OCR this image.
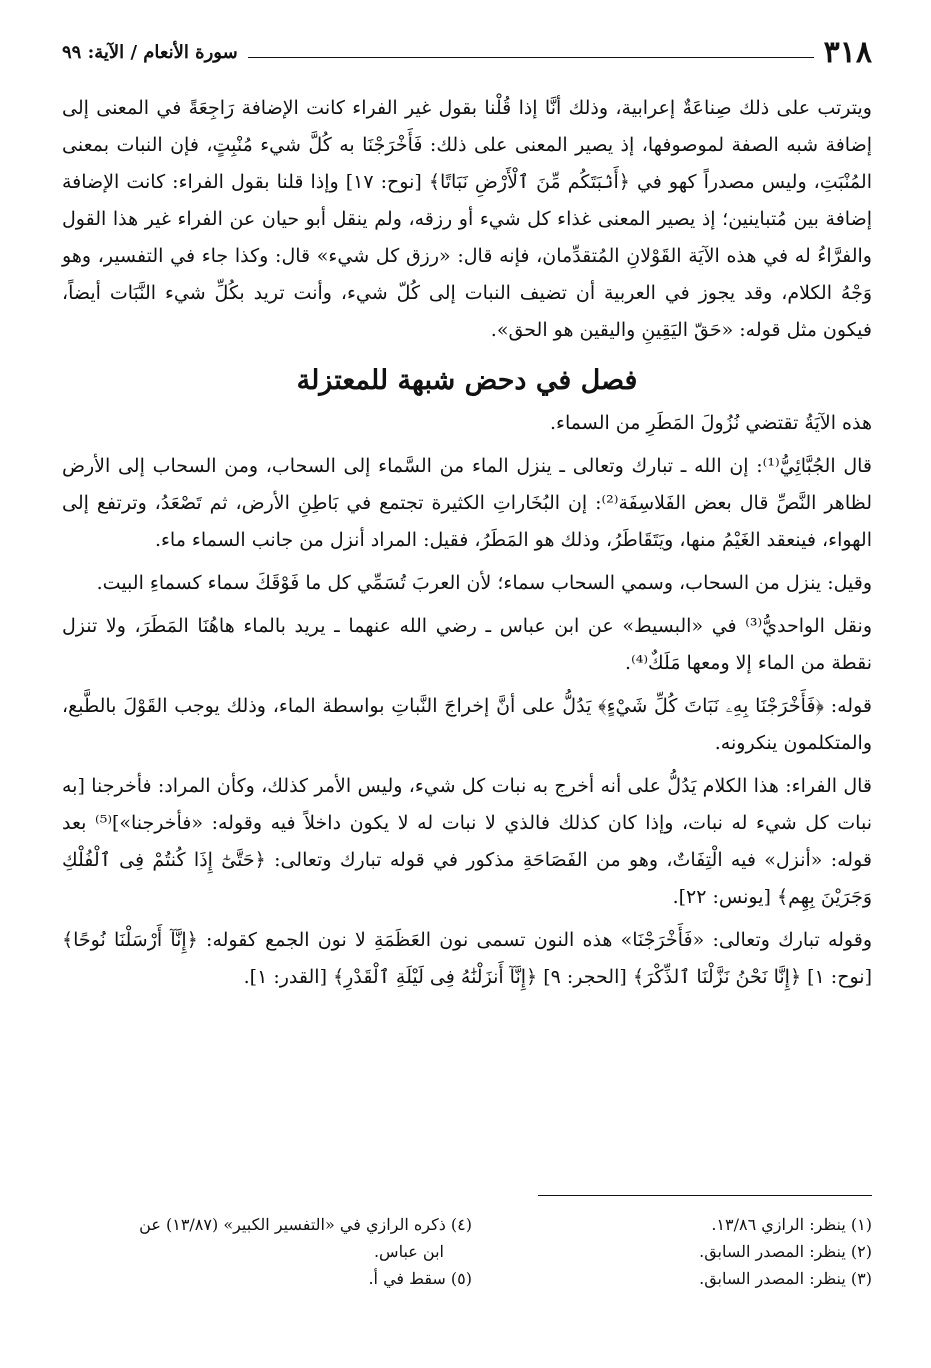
٣١٨
سورة الأنعام / الآية: ٩٩

ويترتب على ذلك صِناعَةٌ إعرابية، وذلك أنَّا إذا قُلْنا بقول غير الفراء كانت الإضافة رَاجِعَةً في المعنى إلى إضافة شبه الصفة لموصوفها، إذ يصير المعنى على ذلك: فَأَخْرَجْنَا به كُلَّ شيء مُنْبِتٍ، فإن النبات بمعنى المُنْبَتِ، وليس مصدراً كهو في ﴿أَنۢبَتَكُم مِّنَ ٱلْأَرْضِ نَبَاتًا﴾ [نوح: ١٧] وإذا قلنا بقول الفراء: كانت الإضافة إضافة بين مُتباينين؛ إذ يصير المعنى غذاء كل شيء أو رزقه، ولم ينقل أبو حيان عن الفراء غير هذا القول والفرَّاءُ له في هذه الآيَة القَوْلانِ المُتقدِّمان، فإنه قال: «رزق كل شيء» قال: وكذا جاء في التفسير، وهو وَجْهُ الكلام، وقد يجوز في العربية أن تضيف النبات إلى كُلّ شيء، وأنت تريد بكُلِّ شيء النَّبَات أيضاً، فيكون مثل قوله: «حَقّ اليَقِينِ واليقين هو الحق».

فصل في دحض شبهة للمعتزلة

هذه الآيَةُ تقتضي نُزُولَ المَطَرِ من السماء.

قال الجُبَّائِيُّ⁽¹⁾: إن الله ـ تبارك وتعالى ـ ينزل الماء من السَّماء إلى السحاب، ومن السحاب إلى الأرض لظاهر النَّصِّ قال بعض الفَلاسِفَة⁽²⁾: إن البُخَاراتِ الكثيرة تجتمع في بَاطِنِ الأرض، ثم تَصْعَدُ، وترتفع إلى الهواء، فينعقد الغَيْمُ منها، ويَتَقَاطَرُ، وذلك هو المَطَرُ، فقيل: المراد أنزل من جانب السماء ماء.

وقيل: ينزل من السحاب، وسمي السحاب سماء؛ لأن العربَ تُسَمِّي كل ما فَوْقَكَ سماء كسماءِ البيت.

ونقل الواحديُّ⁽³⁾ في «البسيط» عن ابن عباس ـ رضي الله عنهما ـ يريد بالماء هاهُنَا المَطَرَ، ولا تنزل نقطة من الماء إلا ومعها مَلَكٌ⁽⁴⁾.

قوله: ﴿فَأَخْرَجْنَا بِهِۦ نَبَاتَ كُلِّ شَيْءٍ﴾ يَدُلُّ على أنَّ إخراجَ النَّباتِ بواسطة الماء، وذلك يوجب القَوْلَ بالطَّبع، والمتكلمون ينكرونه.

قال الفراء: هذا الكلام يَدُلُّ على أنه أخرج به نبات كل شيء، وليس الأمر كذلك، وكأن المراد: فأخرجنا [به نبات كل شيء له نبات، وإذا كان كذلك فالذي لا نبات له لا يكون داخلاً فيه وقوله: «فأخرجنا»]⁽⁵⁾ بعد قوله: «أنزل» فيه الْتِفَاتٌ، وهو من الفَصَاحَةِ مذكور في قوله تبارك وتعالى: ﴿حَتَّىٰٓ إِذَا كُنتُمْ فِى ٱلْفُلْكِ وَجَرَيْنَ بِهِم﴾ [يونس: ٢٢].

وقوله تبارك وتعالى: «فَأَخْرَجْنَا» هذه النون تسمى نون العَظَمَةِ لا نون الجمع كقوله: ﴿إِنَّآ أَرْسَلْنَا نُوحًا﴾ [نوح: ١] ﴿إِنَّا نَحْنُ نَزَّلْنَا ٱلذِّكْرَ﴾ [الحجر: ٩] ﴿إِنَّآ أَنزَلْنَٰهُ فِى لَيْلَةِ ٱلْقَدْرِ﴾ [القدر: ١].

(١) ينظر: الرازي ١٣/٨٦.
(٢) ينظر: المصدر السابق.
(٣) ينظر: المصدر السابق.
(٤) ذكره الرازي في «التفسير الكبير» (١٣/٨٧) عن
ابن عباس.
(٥) سقط في أ.
